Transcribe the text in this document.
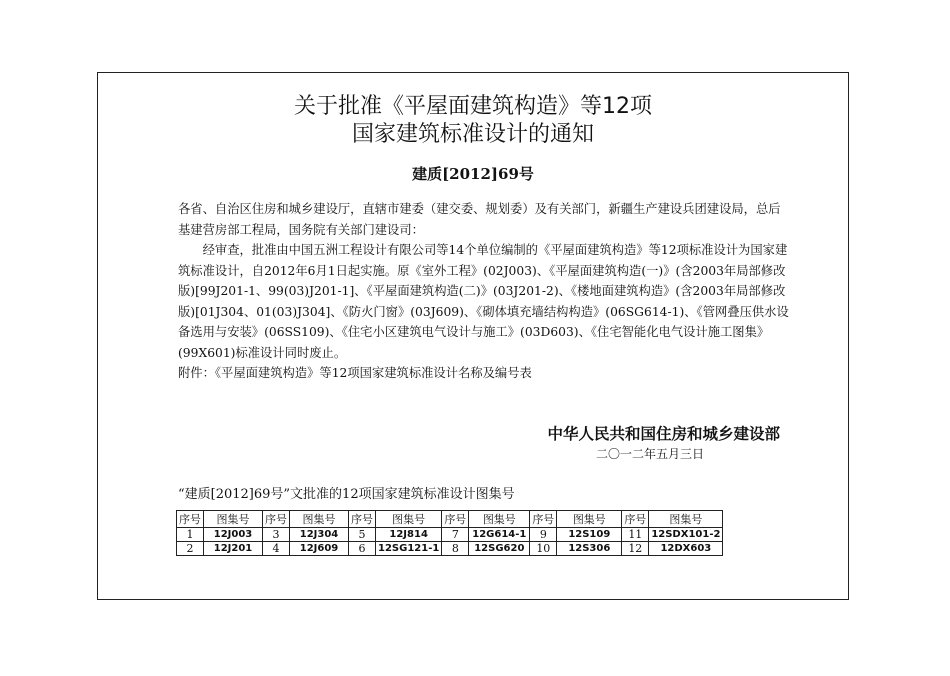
关于批准《平屋面建筑构造》等12项
国家建筑标准设计的通知
建质[2012]69号

各省、自治区住房和城乡建设厅，直辖市建委（建交委、规划委）及有关部门，新疆生产建设兵团建设局，总后基建营房部工程局，国务院有关部门建设司：

经审查，批准由中国五洲工程设计有限公司等14个单位编制的《平屋面建筑构造》等12项标准设计为国家建筑标准设计，自2012年6月1日起实施。原《室外工程》(02J003)、《平屋面建筑构造(一)》(含2003年局部修改版)[99J201-1、99(03)J201-1]、《平屋面建筑构造(二)》(03J201-2)、《楼地面建筑构造》(含2003年局部修改版)[01J304、01(03)J304]、《防火门窗》(03J609)、《砌体填充墙结构构造》(06SG614-1)、《管网叠压供水设备选用与安装》(06SS109)、《住宅小区建筑电气设计与施工》(03D603)、《住宅智能化电气设计施工图集》(99X601)标准设计同时废止。

附件：《平屋面建筑构造》等12项国家建筑标准设计名称及编号表

中华人民共和国住房和城乡建设部
二〇一二年五月三日
“建质[2012]69号”文批准的12项国家建筑标准设计图集号
序号	图集号	序号	图集号	序号	图集号	序号	图集号	序号	图集号	序号	图集号
1	12J003	3	12J304	5	12J814	7	12G614-1	9	12S109	11	12SDX101-2
2	12J201	4	12J609	6	12SG121-1	8	12SG620	10	12S306	12	12DX603
